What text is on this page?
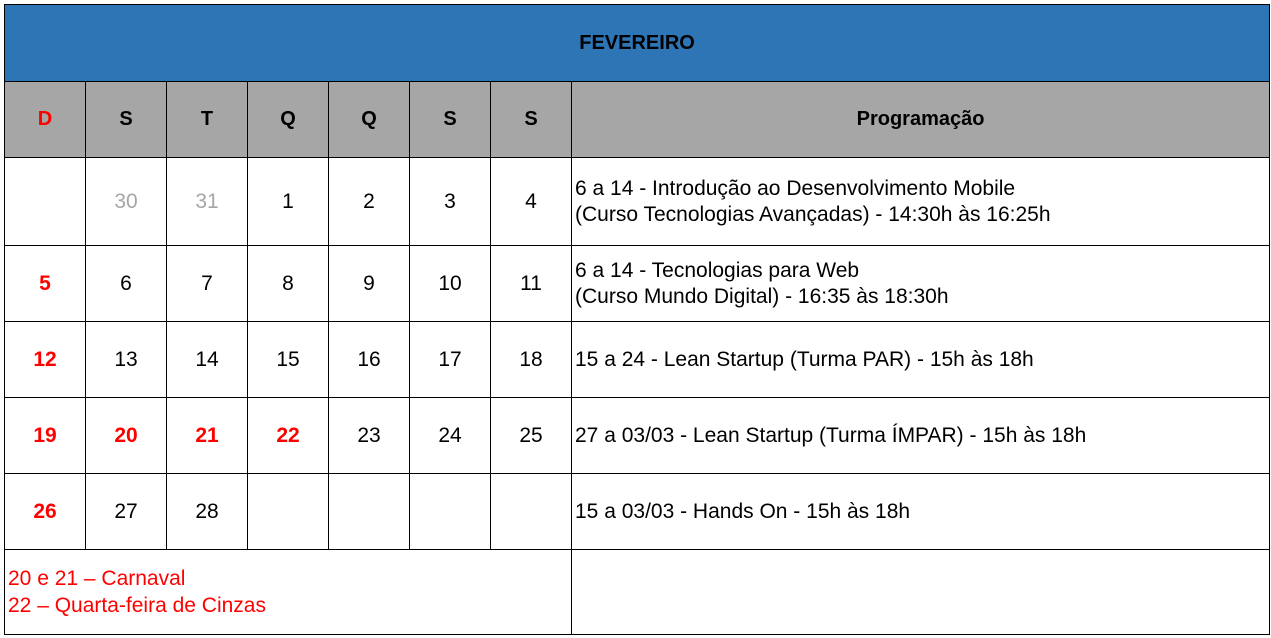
FEVEREIRO							
D	S	T	Q	Q	S	S	Programação
	30	31	1	2	3	4	6 a 14 - Introdução ao Desenvolvimento Mobile
(Curso Tecnologias Avançadas) - 14:30h às 16:25h

5	6	7	8	9	10	11	6 a 14 - Tecnologias para Web
(Curso Mundo Digital) - 16:35 às 18:30h

12	13	14	15	16	17	18	15 a 24 - Lean Startup (Turma PAR) - 15h às 18h

19	20	21	22	23	24	25	27 a 03/03 - Lean Startup (Turma ÍMPAR) - 15h às 18h

26	27	28					15 a 03/03 - Hands On - 15h às 18h

20 e 21 – Carnaval
22 – Quarta-feira de Cinzas							
